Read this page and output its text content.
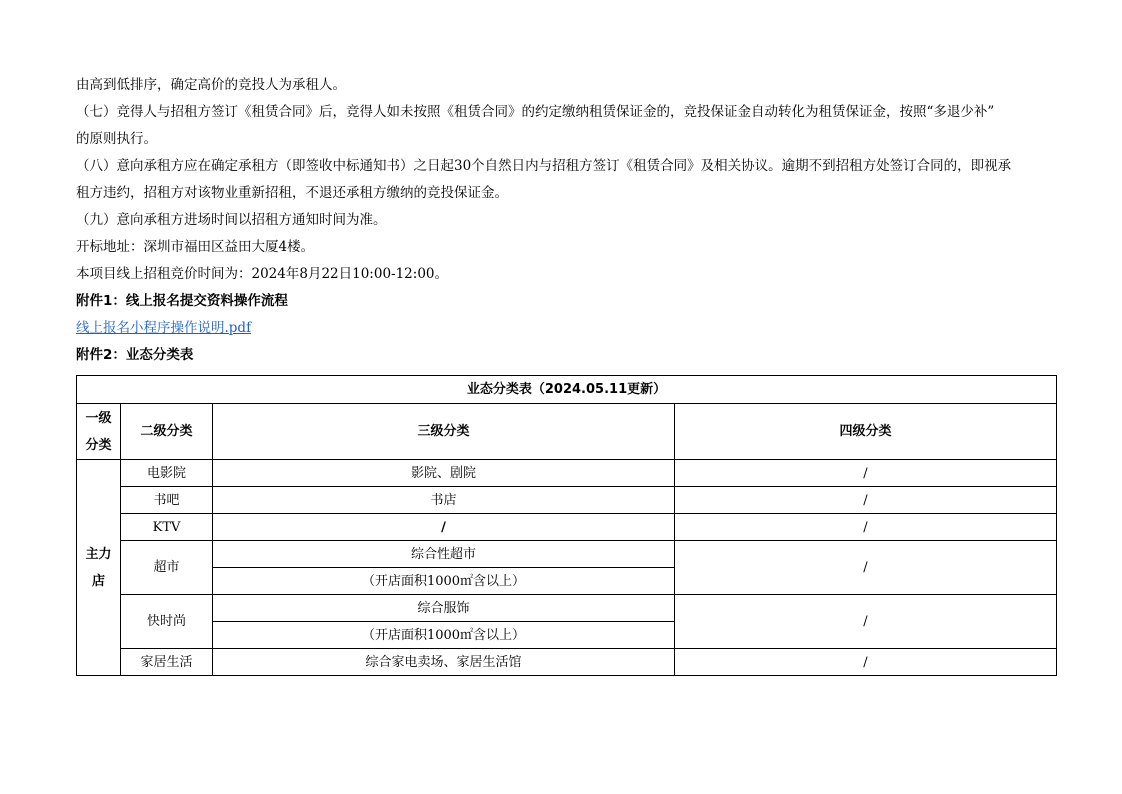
由高到低排序，确定高价的竞投人为承租人。
（七）竞得人与招租方签订《租赁合同》后，竞得人如未按照《租赁合同》的约定缴纳租赁保证金的，竞投保证金自动转化为租赁保证金，按照“多退少补”
的原则执行。
（八）意向承租方应在确定承租方（即签收中标通知书）之日起30个自然日内与招租方签订《租赁合同》及相关协议。逾期不到招租方处签订合同的，即视承
租方违约，招租方对该物业重新招租，不退还承租方缴纳的竞投保证金。
（九）意向承租方进场时间以招租方通知时间为准。
开标地址：深圳市福田区益田大厦4楼。
本项目线上招租竞价时间为：2024年8月22日10:00-12:00。
附件1：线上报名提交资料操作流程
线上报名小程序操作说明.pdf
附件2：业态分类表
业态分类表（2024.05.11更新）			

一级
分类	二级分类	三级分类	四级分类

主力
店	电影院	影院、剧院	/
	书吧	书店	/
	KTV	/	/
	超市	综合性超市	/
		（开店面积1000㎡含以上）	
	快时尚	综合服饰	/
		（开店面积1000㎡含以上）	
	家居生活	综合家电卖场、家居生活馆	/
